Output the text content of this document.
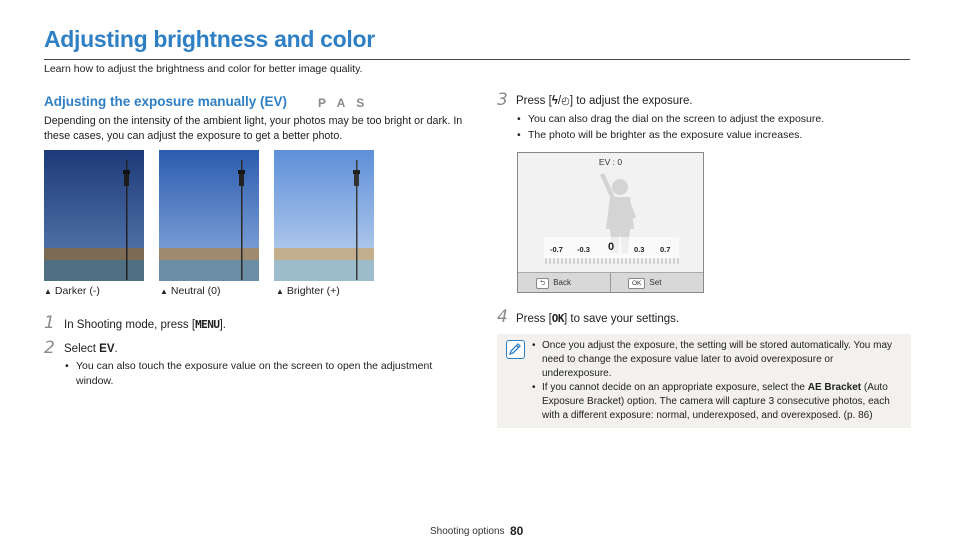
Adjusting brightness and color

Learn how to adjust the brightness and color for better image quality.

Adjusting the exposure manually (EV)	P A S

Depending on the intensity of the ambient light, your photos may be too bright or dark. In these cases, you can adjust the exposure to get a better photo.

▲ Darker (-)	▲ Neutral (0)	▲ Brighter (+)
1 In Shooting mode, press [MENU].
2 Select EV.
• You can also touch the exposure value on the screen to open the adjustment window.
3 Press [ϟ/◴] to adjust the exposure.
• You can also drag the dial on the screen to adjust the exposure.
• The photo will be brighter as the exposure value increases.
EV : 0
-0.7 -0.3 0	0.3 0.7
⮌ Back	OK Set
4 Press [OK] to save your settings.
• Once you adjust the exposure, the setting will be stored automatically. You may need to change the exposure value later to avoid overexposure or underexposure.
• If you cannot decide on an appropriate exposure, select the AE Bracket (Auto Exposure Bracket) option. The camera will capture 3 consecutive photos, each with a different exposure: normal, underexposed, and overexposed. (p. 86)
Shooting options 80
